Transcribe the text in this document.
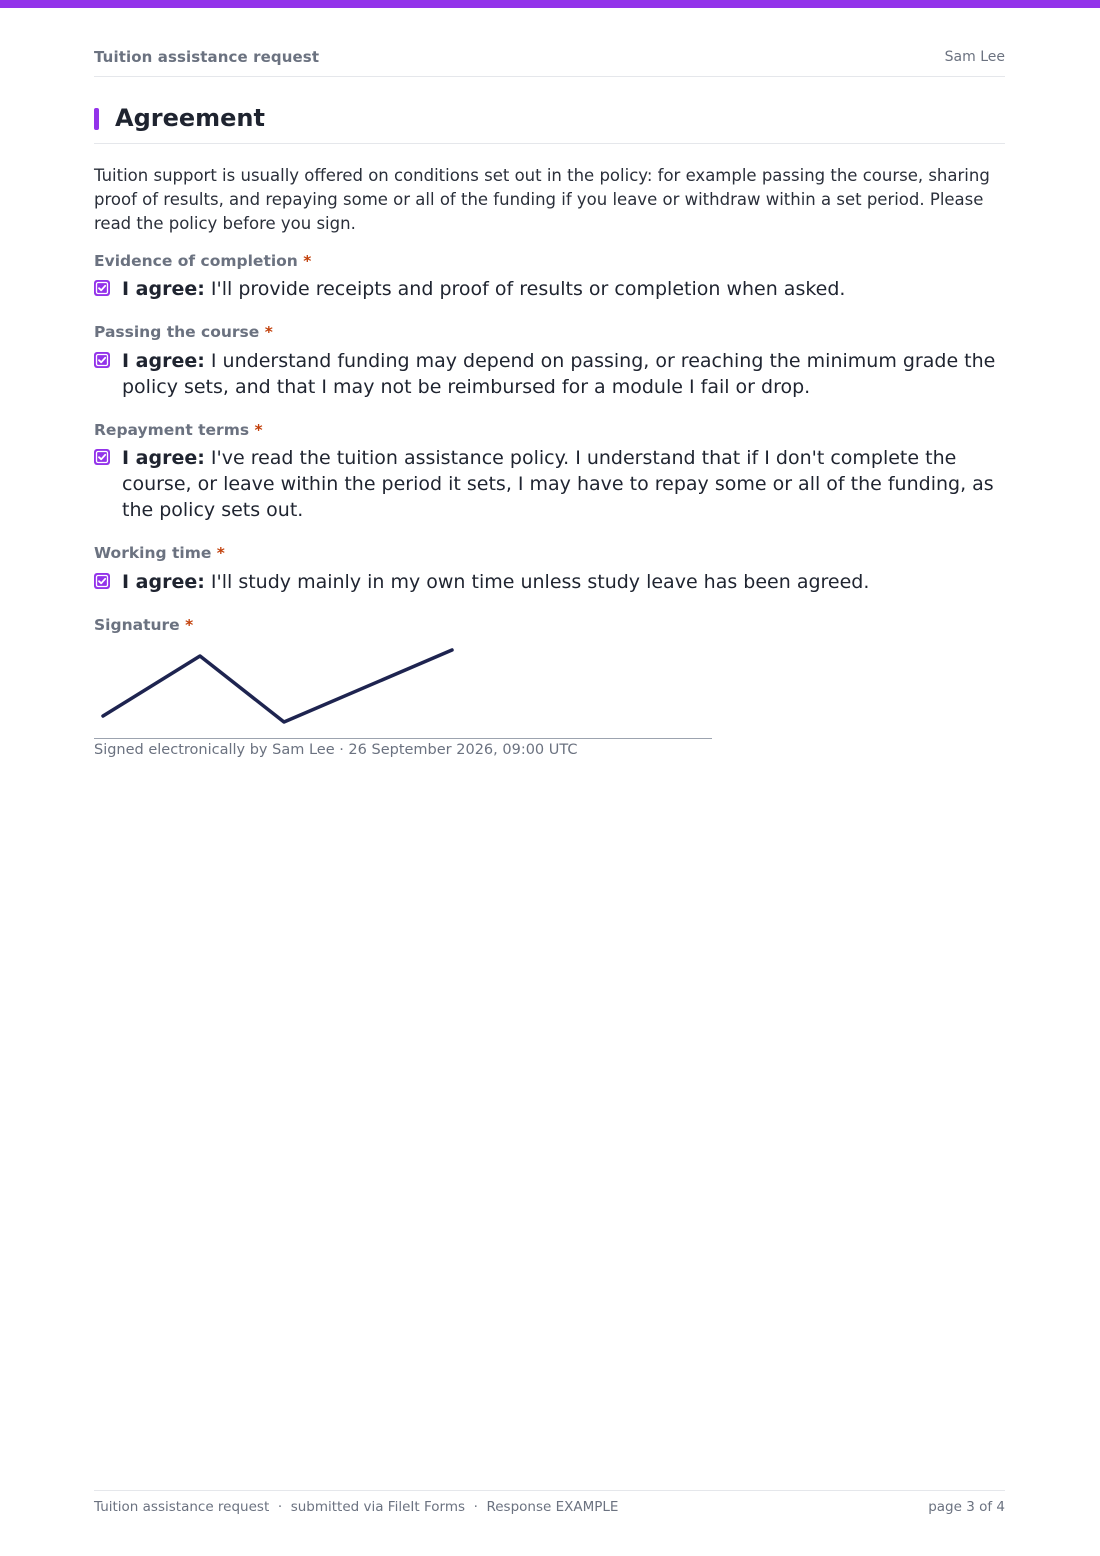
Tuition assistance request	Sam Lee
Agreement
Tuition support is usually offered on conditions set out in the policy: for example passing the course, sharing proof of results, and repaying some or all of the funding if you leave or withdraw within a set period. Please read the policy before you sign.
Evidence of completion *
I agree: I'll provide receipts and proof of results or completion when asked.
Passing the course *
I agree: I understand funding may depend on passing, or reaching the minimum grade the policy sets, and that I may not be reimbursed for a module I fail or drop.
Repayment terms *
I agree: I've read the tuition assistance policy. I understand that if I don't complete the course, or leave within the period it sets, I may have to repay some or all of the funding, as the policy sets out.
Working time *
I agree: I'll study mainly in my own time unless study leave has been agreed.
Signature *
Signed electronically by Sam Lee · 26 September 2026, 09:00 UTC
Tuition assistance request  ·  submitted via FileIt Forms  ·  Response EXAMPLE	page 3 of 4
